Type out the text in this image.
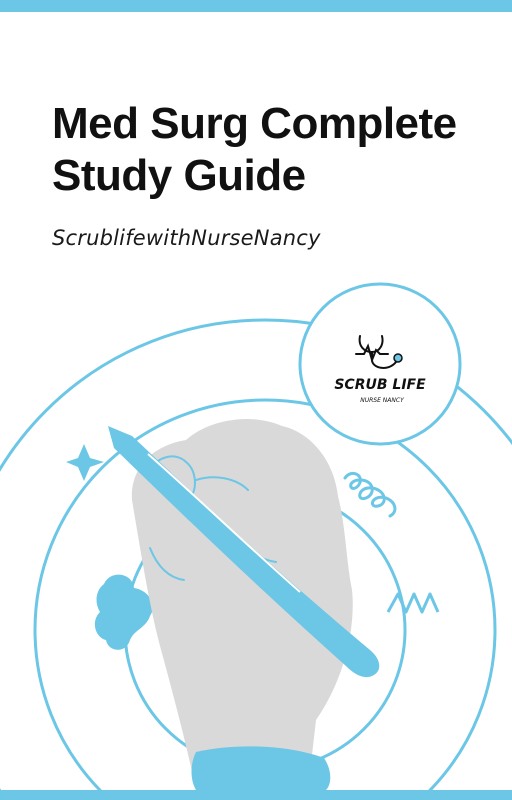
Med Surg Complete
Study Guide
ScrublifewithNurseNancy
SCRUB LIFE
NURSE NANCY
